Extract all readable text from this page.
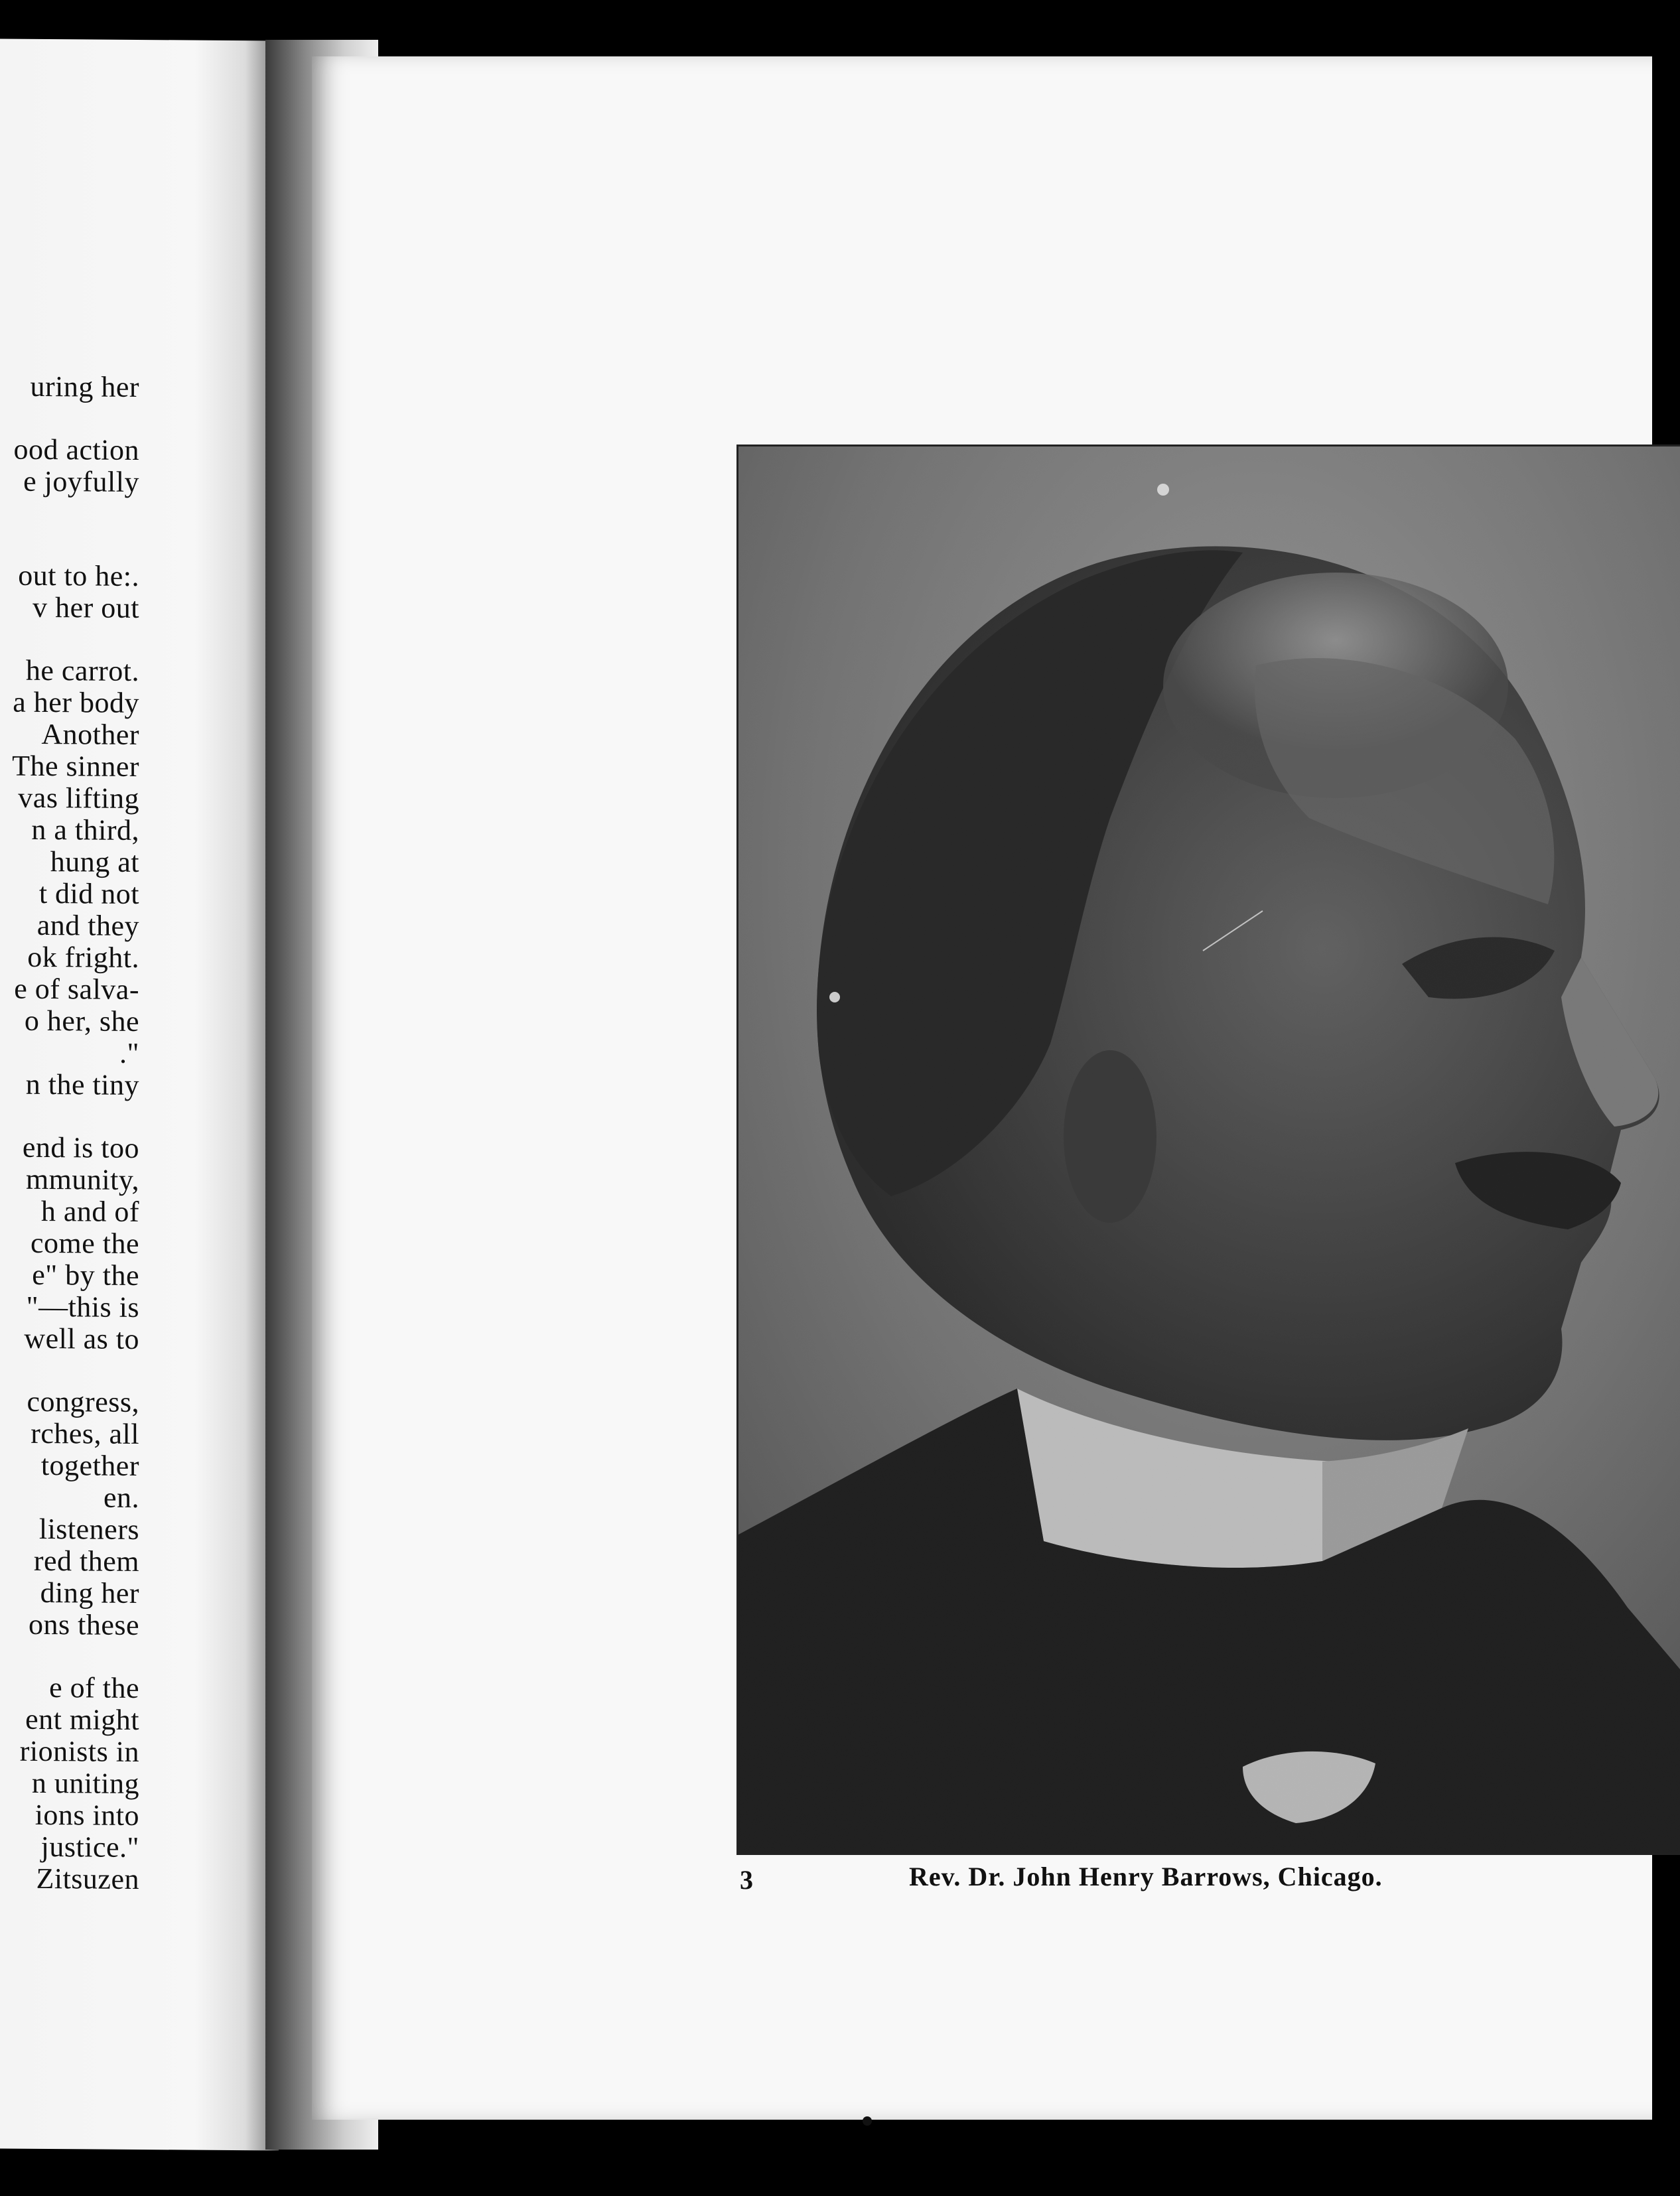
uring her
ood action
e joyfully
out to he:.
v her out
he carrot.
a her body
Another
The sinner
vas lifting
n a third,
hung at
t did not
and they
ok fright.
e of salva-
o her, she
."
n the tiny
end is too
mmunity,
h and of
come the
e" by the
"—this is
well as to
congress,
rches, all
together
en.
listeners
red them
ding her
ons these
e of the
ent might
rionists in
n uniting
ions into
justice."
Zitsuzen	3	Rev. Dr. John Henry Barrows, Chicago.
